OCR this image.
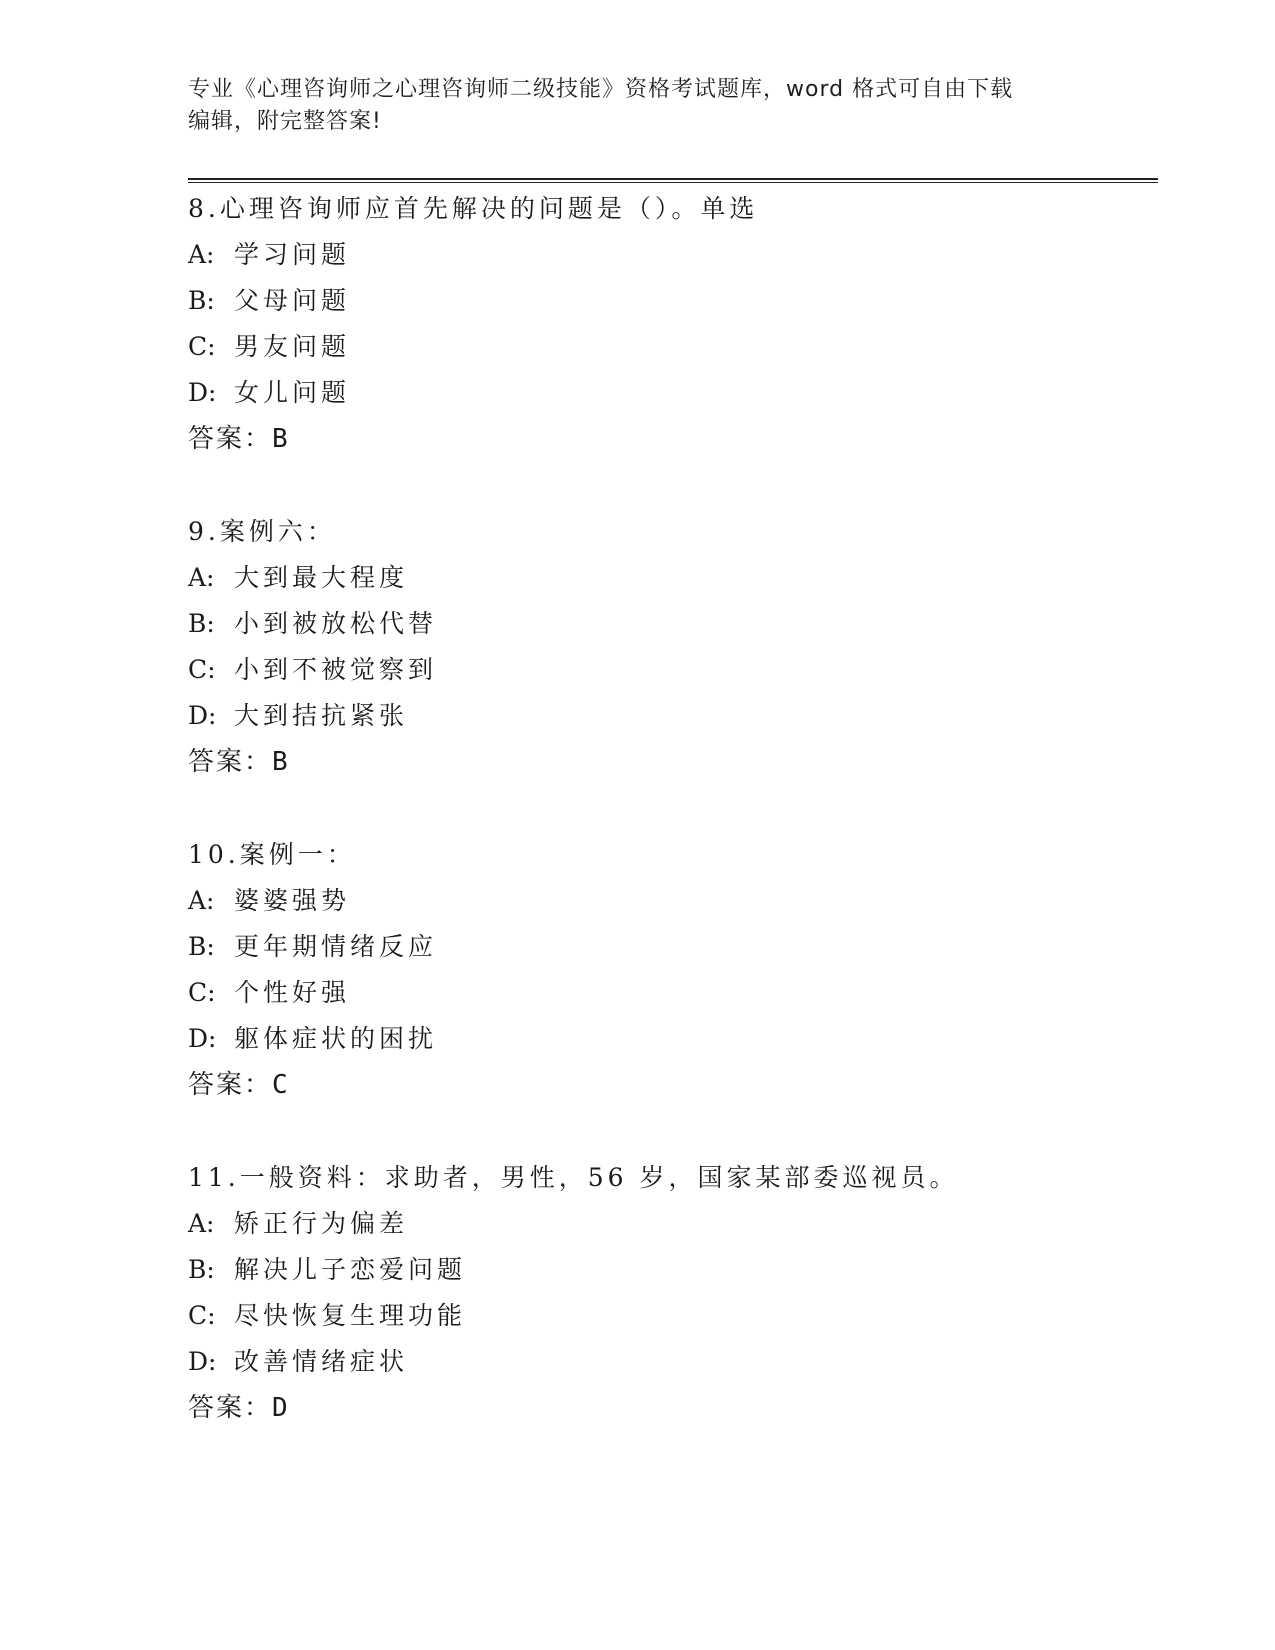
专业《心理咨询师之心理咨询师二级技能》资格考试题库，word 格式可自由下载
编辑，附完整答案!
8.心理咨询师应首先解决的问题是（）。单选
A: 学习问题
B: 父母问题
C: 男友问题
D: 女儿问题
答案：B
9.案例六：
A: 大到最大程度
B: 小到被放松代替
C: 小到不被觉察到
D: 大到拮抗紧张
答案：B
10.案例一：
A: 婆婆强势
B: 更年期情绪反应
C: 个性好强
D: 躯体症状的困扰
答案：C
11.一般资料：求助者，男性，56 岁，国家某部委巡视员。
A: 矫正行为偏差
B: 解决儿子恋爱问题
C: 尽快恢复生理功能
D: 改善情绪症状
答案：D
